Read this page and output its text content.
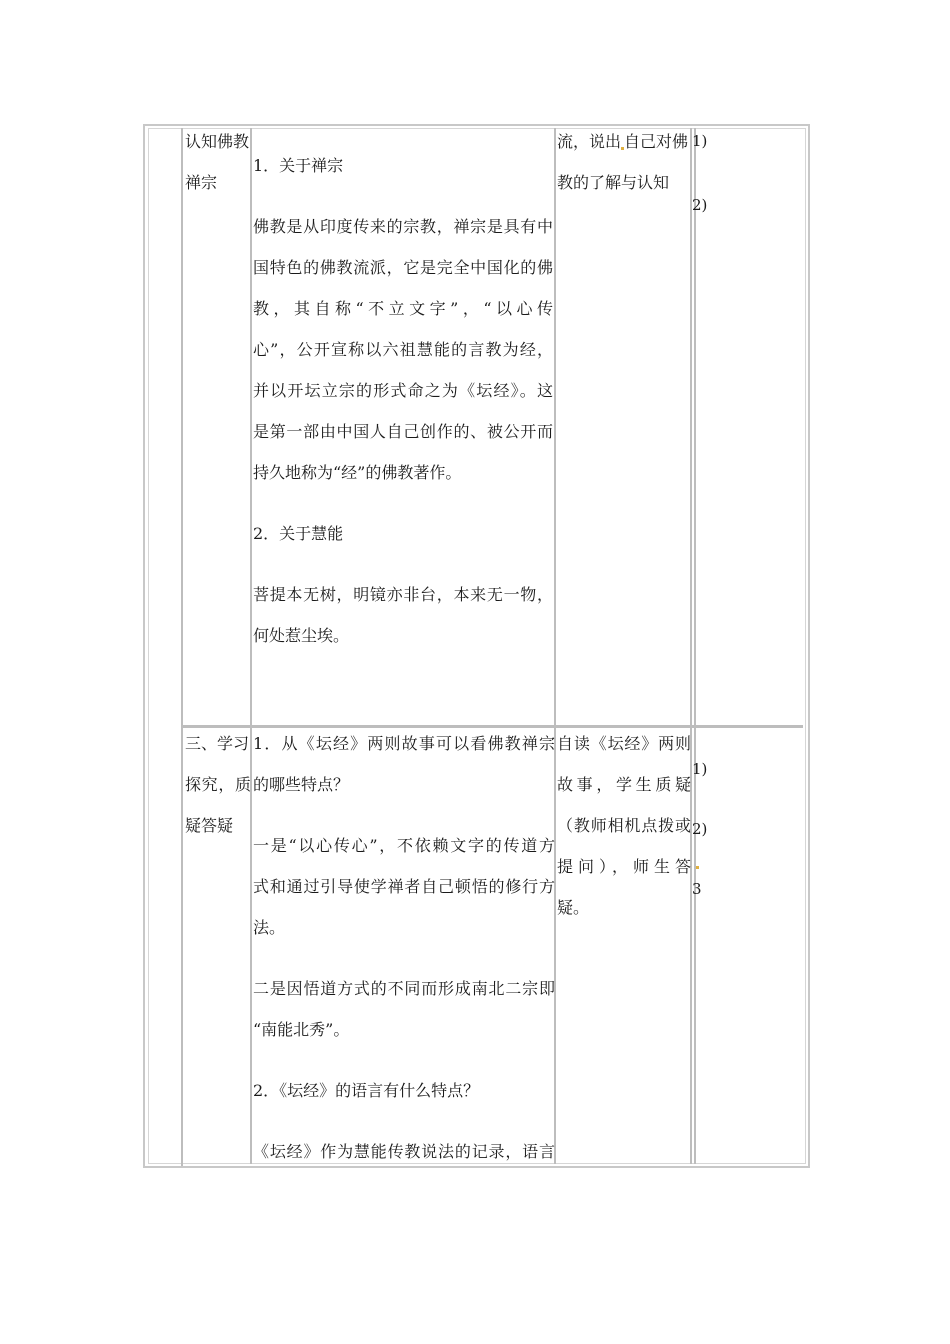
认知佛教

禅宗

1．关于禅宗

佛教是从印度传来的宗教，禅宗是具有中

国特色的佛教流派，它是完全中国化的佛

教，其自称“不立文字”，“以心传

心”，公开宣称以六祖慧能的言教为经，

并以开坛立宗的形式命之为《坛经》。这

是第一部由中国人自己创作的、被公开而

持久地称为“经”的佛教著作。

2．关于慧能

菩提本无树，明镜亦非台，本来无一物，

何处惹尘埃。

流，说出 自己对佛

教的了解与认知

1)
2)

三、学习

探究，质

疑答疑

1．从《坛经》两则故事可以看佛教禅宗

的哪些特点？

一是“以心传心”，不依赖文字的传道方

式和通过引导使学禅者自己顿悟的修行方

法。

二是因悟道方式的不同而形成南北二宗即

“南能北秀”。

2．《坛经》的语言有什么特点？

《坛经》作为慧能传教说法的记录，语言

自读《坛经》两则

故事，学生质疑

（教师相机点拨或

提问），师生答

疑。

1)
2)
3
